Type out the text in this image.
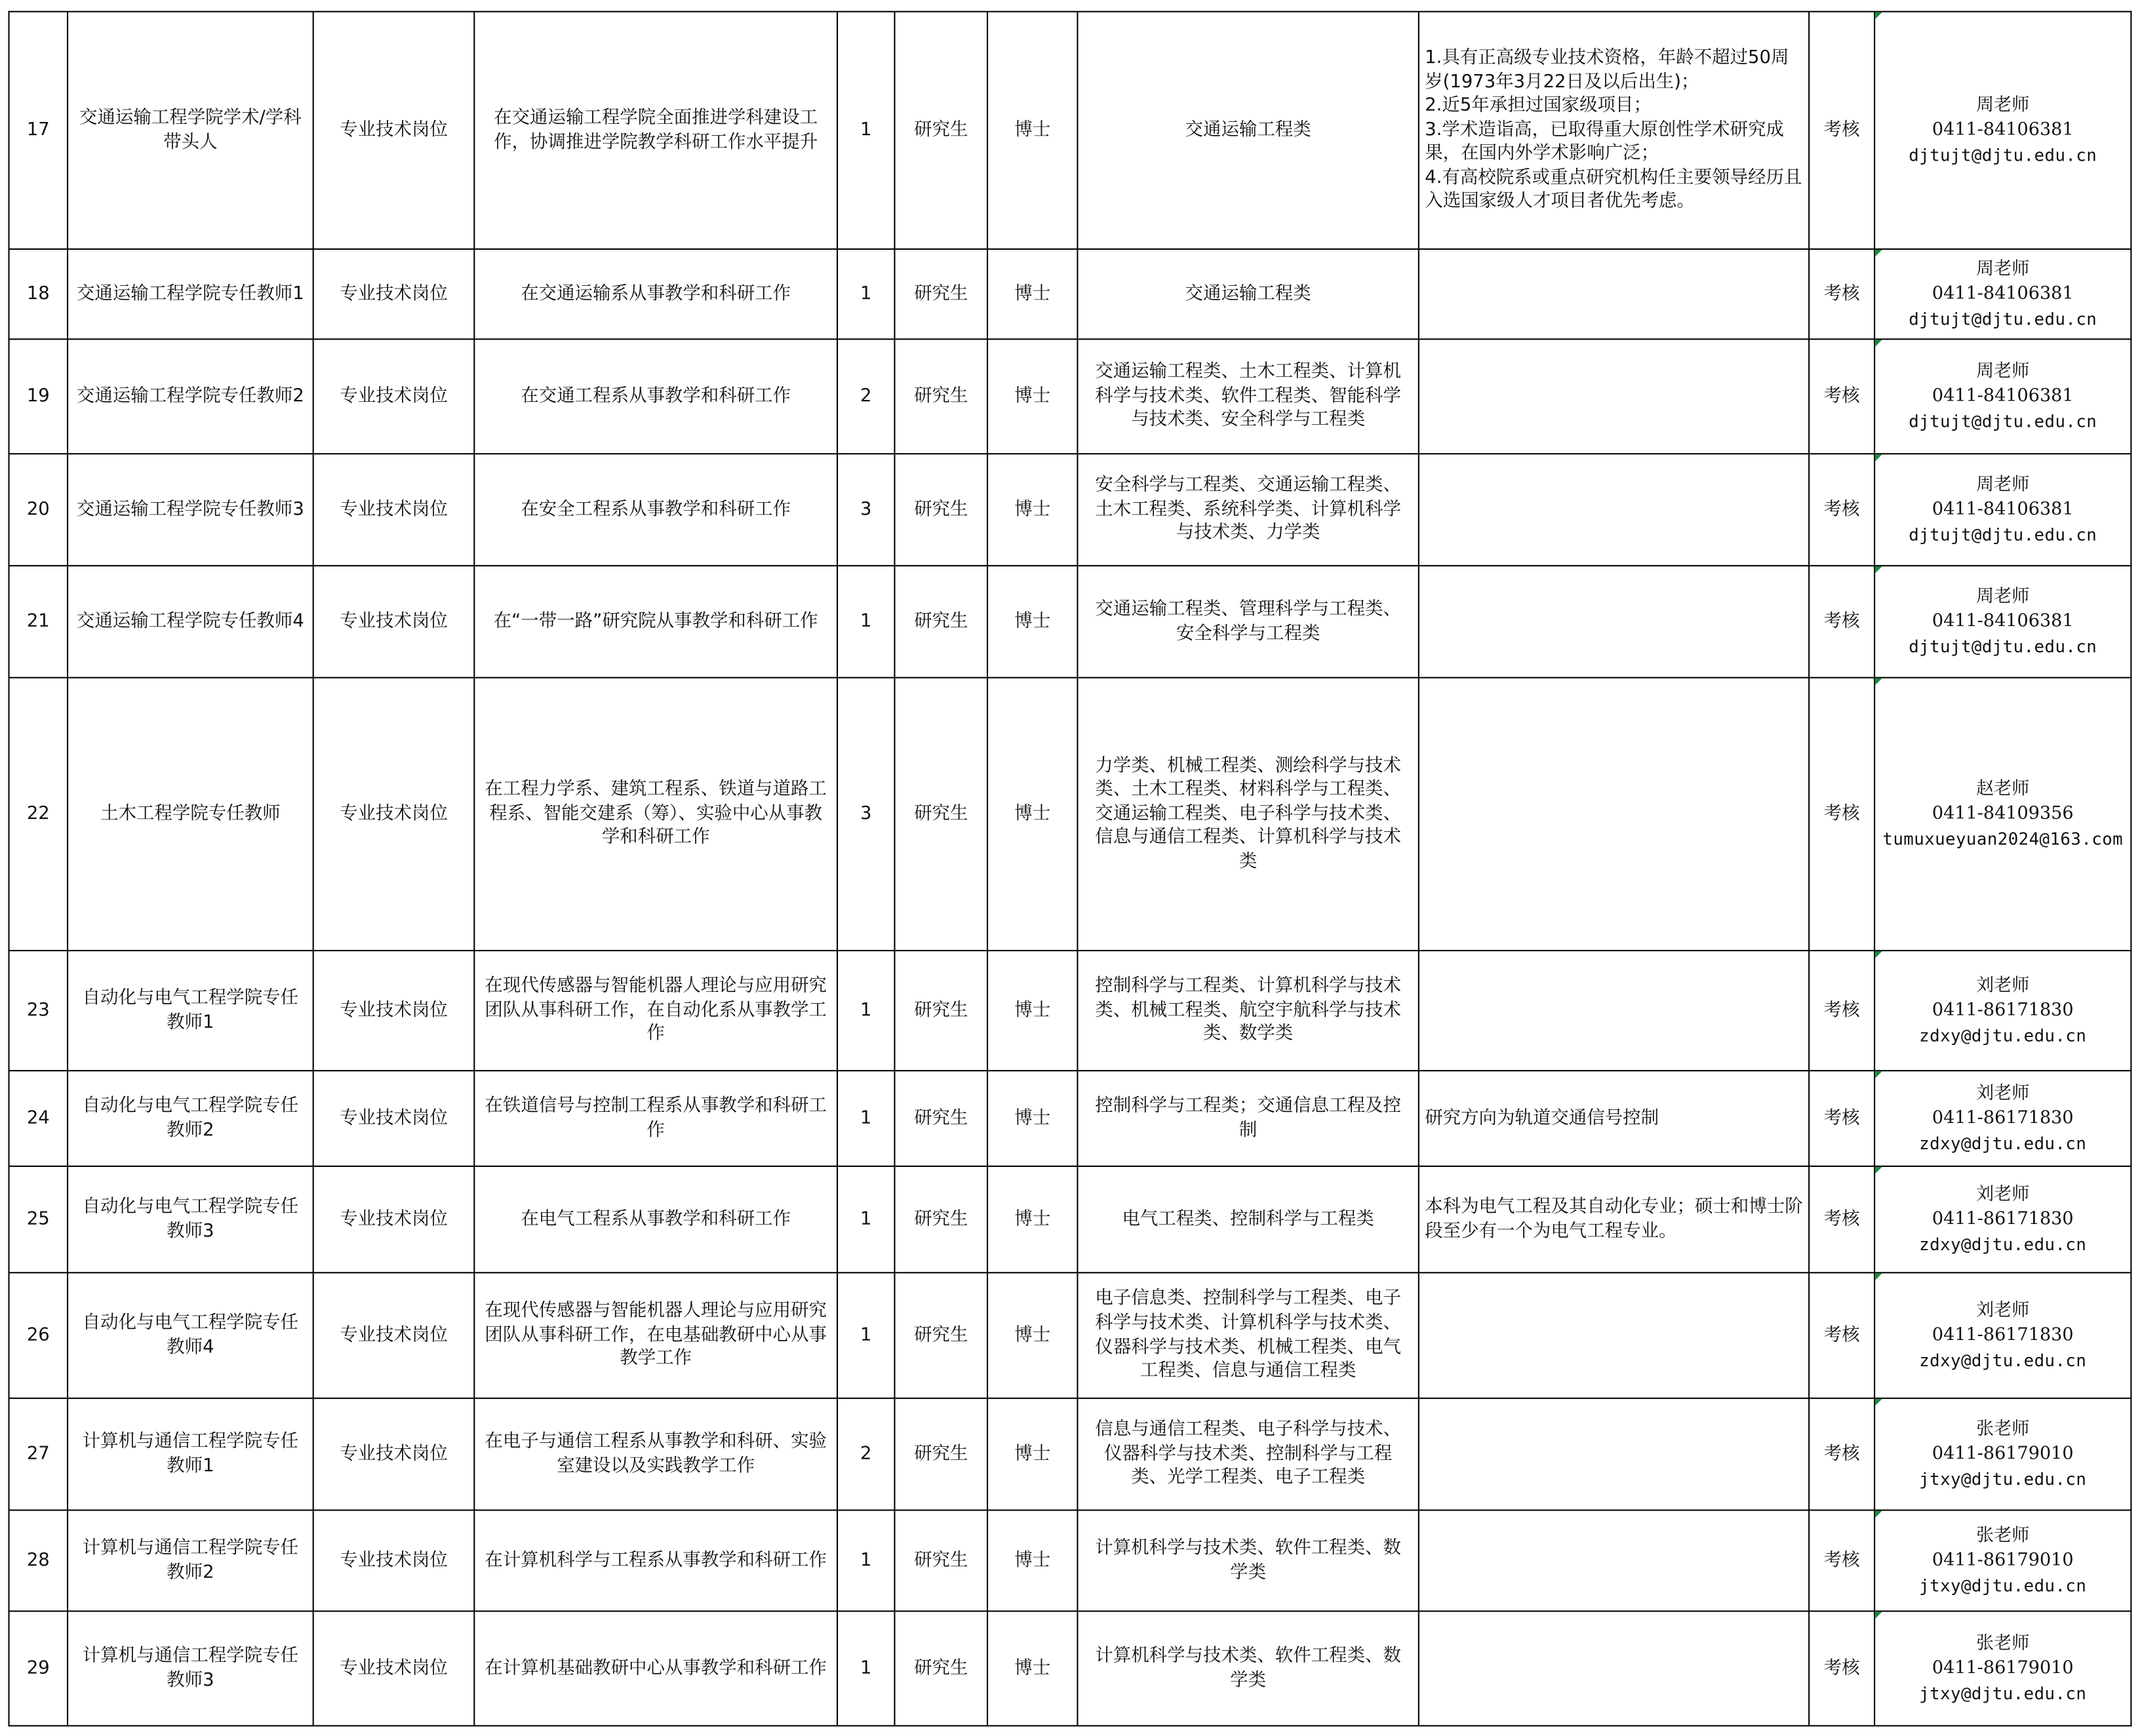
17	交通运输工程学院学术/学科带头人	专业技术岗位	在交通运输工程学院全面推进学科建设工作，协调推进学院教学科研工作水平提升	1	研究生	博士	交通运输工程类	1.具有正高级专业技术资格，年龄不超过50周岁(1973年3月22日及以后出生)；
2.近5年承担过国家级项目；
3.学术造诣高，已取得重大原创性学术研究成果，在国内外学术影响广泛；
4.有高校院系或重点研究机构任主要领导经历且入选国家级人才项目者优先考虑。	考核	周老师
0411-84106381
djtujt@djtu.edu.cn

18	交通运输工程学院专任教师1	专业技术岗位	在交通运输系从事教学和科研工作	1	研究生	博士	交通运输工程类		考核	周老师
0411-84106381
djtujt@djtu.edu.cn

19	交通运输工程学院专任教师2	专业技术岗位	在交通工程系从事教学和科研工作	2	研究生	博士	交通运输工程类、土木工程类、计算机科学与技术类、软件工程类、智能科学与技术类、安全科学与工程类		考核	周老师
0411-84106381
djtujt@djtu.edu.cn

20	交通运输工程学院专任教师3	专业技术岗位	在安全工程系从事教学和科研工作	3	研究生	博士	安全科学与工程类、交通运输工程类、土木工程类、系统科学类、计算机科学与技术类、力学类		考核	周老师
0411-84106381
djtujt@djtu.edu.cn

21	交通运输工程学院专任教师4	专业技术岗位	在“一带一路”研究院从事教学和科研工作	1	研究生	博士	交通运输工程类、管理科学与工程类、安全科学与工程类		考核	周老师
0411-84106381
djtujt@djtu.edu.cn

22	土木工程学院专任教师	专业技术岗位	在工程力学系、建筑工程系、铁道与道路工程系、智能交建系（筹）、实验中心从事教学和科研工作	3	研究生	博士	力学类、机械工程类、测绘科学与技术类、土木工程类、材料科学与工程类、交通运输工程类、电子科学与技术类、信息与通信工程类、计算机科学与技术类		考核	赵老师
0411-84109356
tumuxueyuan2024@163.com

23	自动化与电气工程学院专任教师1	专业技术岗位	在现代传感器与智能机器人理论与应用研究团队从事科研工作，在自动化系从事教学工作	1	研究生	博士	控制科学与工程类、计算机科学与技术类、机械工程类、航空宇航科学与技术类、数学类		考核	刘老师
0411-86171830
zdxy@djtu.edu.cn

24	自动化与电气工程学院专任教师2	专业技术岗位	在铁道信号与控制工程系从事教学和科研工作	1	研究生	博士	控制科学与工程类；交通信息工程及控制	研究方向为轨道交通信号控制	考核	刘老师
0411-86171830
zdxy@djtu.edu.cn

25	自动化与电气工程学院专任教师3	专业技术岗位	在电气工程系从事教学和科研工作	1	研究生	博士	电气工程类、控制科学与工程类	本科为电气工程及其自动化专业；硕士和博士阶段至少有一个为电气工程专业。	考核	刘老师
0411-86171830
zdxy@djtu.edu.cn

26	自动化与电气工程学院专任教师4	专业技术岗位	在现代传感器与智能机器人理论与应用研究团队从事科研工作，在电基础教研中心从事教学工作	1	研究生	博士	电子信息类、控制科学与工程类、电子科学与技术类、计算机科学与技术类、仪器科学与技术类、机械工程类、电气工程类、信息与通信工程类		考核	刘老师
0411-86171830
zdxy@djtu.edu.cn

27	计算机与通信工程学院专任教师1	专业技术岗位	在电子与通信工程系从事教学和科研、实验室建设以及实践教学工作	2	研究生	博士	信息与通信工程类、电子科学与技术、仪器科学与技术类、控制科学与工程类、光学工程类、电子工程类		考核	张老师
0411-86179010
jtxy@djtu.edu.cn

28	计算机与通信工程学院专任教师2	专业技术岗位	在计算机科学与工程系从事教学和科研工作	1	研究生	博士	计算机科学与技术类、软件工程类、数学类		考核	张老师
0411-86179010
jtxy@djtu.edu.cn

29	计算机与通信工程学院专任教师3	专业技术岗位	在计算机基础教研中心从事教学和科研工作	1	研究生	博士	计算机科学与技术类、软件工程类、数学类		考核	张老师
0411-86179010
jtxy@djtu.edu.cn
